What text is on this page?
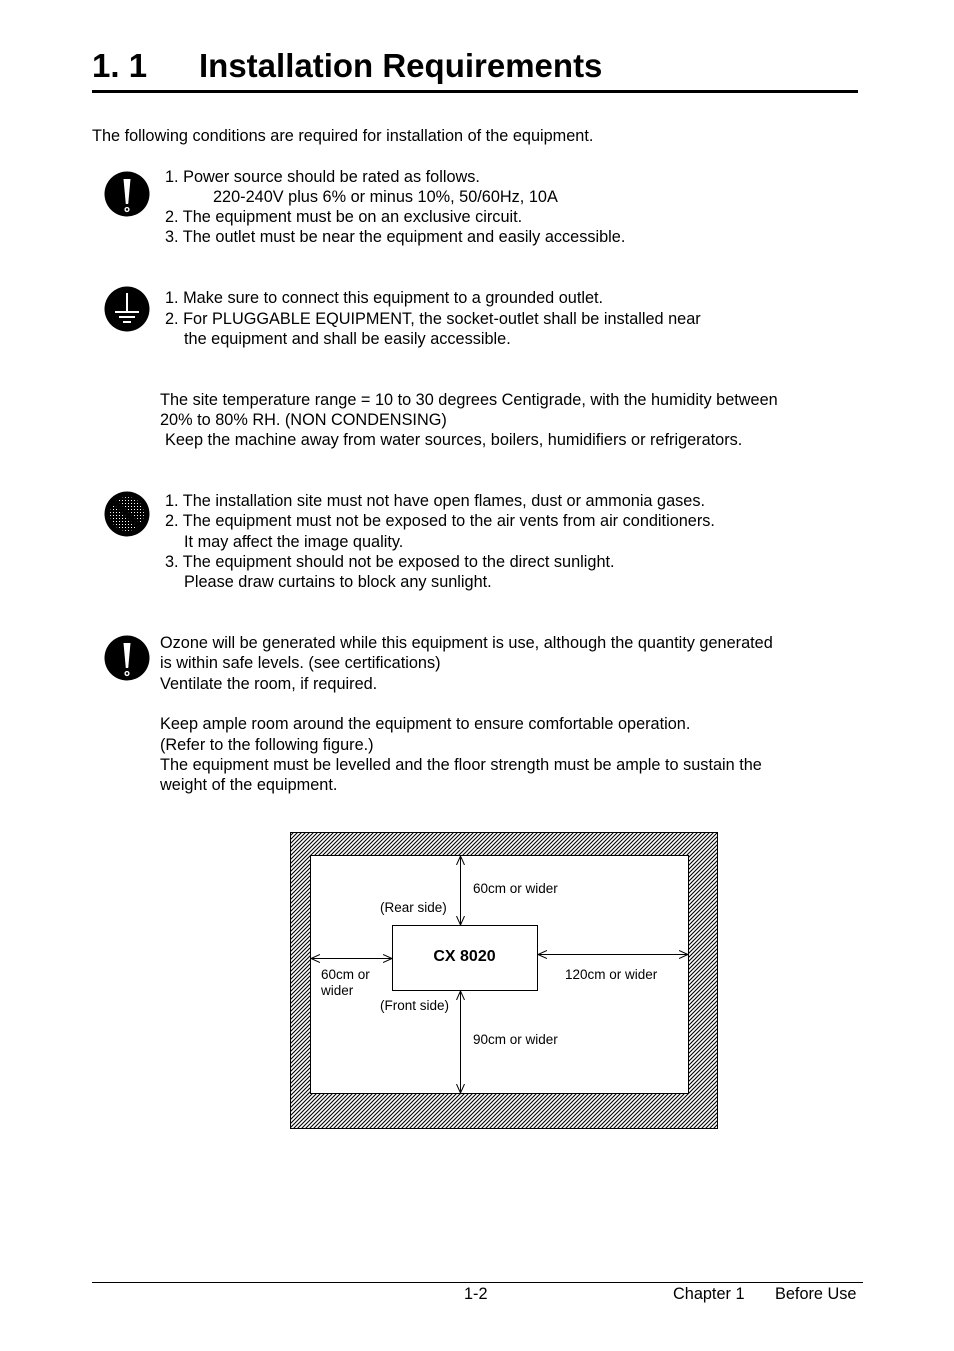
1. 1 Installation Requirements
The following conditions are required for installation of the equipment.
1. Power source should be rated as follows.
220-240V plus 6% or minus 10%, 50/60Hz, 10A
2. The equipment must be on an exclusive circuit.
3. The outlet must be near the equipment and easily accessible.
1. Make sure to connect this equipment to a grounded outlet.
2. For PLUGGABLE EQUIPMENT, the socket-outlet shall be installed near
the equipment and shall be easily accessible.
The site temperature range = 10 to 30 degrees Centigrade, with the humidity between
20% to 80% RH. (NON CONDENSING)
Keep the machine away from water sources, boilers, humidifiers or refrigerators.
1. The installation site must not have open flames, dust or ammonia gases.
2. The equipment must not be exposed to the air vents from air conditioners.
It may affect the image quality.
3. The equipment should not be exposed to the direct sunlight.
Please draw curtains to block any sunlight.
Ozone will be generated while this equipment is use, although the quantity generated
is within safe levels. (see certifications)
Ventilate the room, if required.
Keep ample room around the equipment to ensure comfortable operation.
(Refer to the following figure.)
The equipment must be levelled and the floor strength must be ample to sustain the
weight of the equipment.
CX 8020
(Rear side)
(Front side)
60cm or wider
90cm or wider
120cm or wider
60cm or
wider
1-2	Chapter 1 Before Use
